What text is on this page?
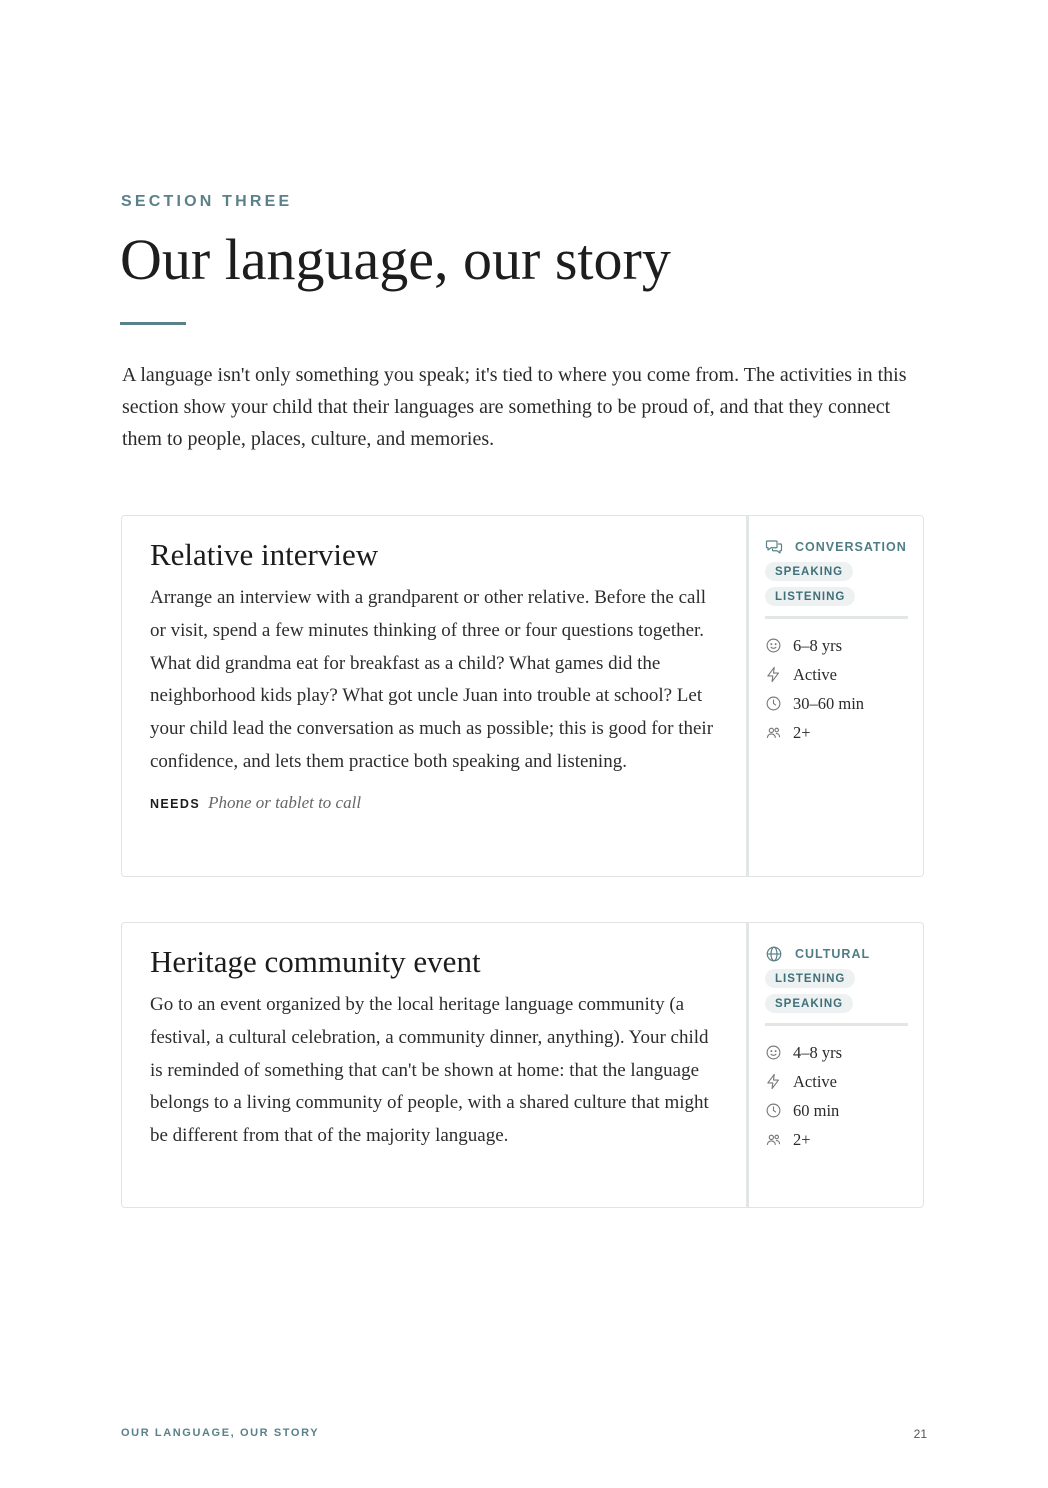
SECTION THREE
Our language, our story

A language isn't only something you speak; it's tied to where you come from. The activities in this section show your child that their languages are something to be proud of, and that they connect them to people, places, culture, and memories.

Relative interview

Arrange an interview with a grandparent or other relative. Before the call or visit, spend a few minutes thinking of three or four questions together. What did grandma eat for breakfast as a child? What games did the neighborhood kids play? What got uncle Juan into trouble at school? Let your child lead the conversation as much as possible; this is good for their confidence, and lets them practice both speaking and listening.

NEEDS Phone or tablet to call
CONVERSATION
SPEAKING
LISTENING
6–8 yrs
Active
30–60 min
2+
Heritage community event

Go to an event organized by the local heritage language community (a festival, a cultural celebration, a community dinner, anything). Your child is reminded of something that can't be shown at home: that the language belongs to a living community of people, with a shared culture that might be different from that of the majority language.

CULTURAL
LISTENING
SPEAKING
4–8 yrs
Active
60 min
2+
OUR LANGUAGE, OUR STORY	21
